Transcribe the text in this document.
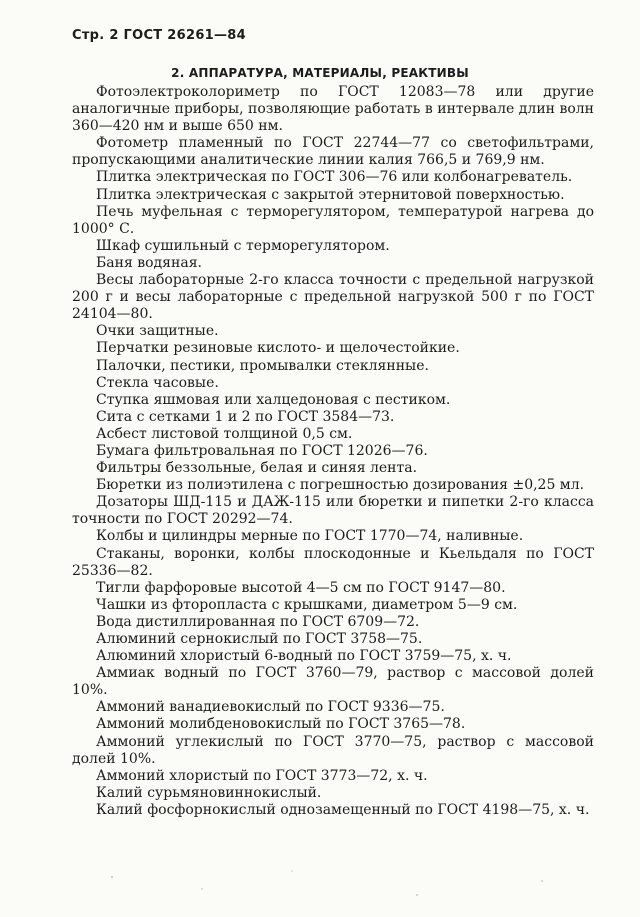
Стр. 2 ГОСТ 26261—84
2. АППАРАТУРА, МАТЕРИАЛЫ, РЕАКТИВЫ

Фотоэлектроколориметр по ГОСТ 12083—78 или другие аналогичные приборы, позволяющие работать в интервале длин волн 360—420 нм и выше 650 нм.

Фотометр пламенный по ГОСТ 22744—77 со светофильтрами, пропускающими аналитические линии калия 766,5 и 769,9 нм.

Плитка электрическая по ГОСТ 306—76 или колбонагреватель.

Плитка электрическая с закрытой этернитовой поверхностью.

Печь муфельная с терморегулятором, температурой нагрева до 1000° С.

Шкаф сушильный с терморегулятором.

Баня водяная.

Весы лабораторные 2-го класса точности с предельной нагрузкой 200 г и весы лабораторные с предельной нагрузкой 500 г по ГОСТ 24104—80.

Очки защитные.

Перчатки резиновые кислото- и щелочестойкие.

Палочки, пестики, промывалки стеклянные.

Стекла часовые.

Ступка яшмовая или халцедоновая с пестиком.

Сита с сетками 1 и 2 по ГОСТ 3584—73.

Асбест листовой толщиной 0,5 см.

Бумага фильтровальная по ГОСТ 12026—76.

Фильтры беззольные, белая и синяя лента.

Бюретки из полиэтилена с погрешностью дозирования ±0,25 мл.

Дозаторы ШД-115 и ДАЖ-115 или бюретки и пипетки 2-го класса точности по ГОСТ 20292—74.

Колбы и цилиндры мерные по ГОСТ 1770—74, наливные.

Стаканы, воронки, колбы плоскодонные и Кьельдаля по ГОСТ 25336—82.

Тигли фарфоровые высотой 4—5 см по ГОСТ 9147—80.

Чашки из фторопласта с крышками, диаметром 5—9 см.

Вода дистиллированная по ГОСТ 6709—72.

Алюминий сернокислый по ГОСТ 3758—75.

Алюминий хлористый 6-водный по ГОСТ 3759—75, х. ч.

Аммиак водный по ГОСТ 3760—79, раствор с массовой долей 10%.

Аммоний ванадиевокислый по ГОСТ 9336—75.

Аммоний молибденовокислый по ГОСТ 3765—78.

Аммоний углекислый по ГОСТ 3770—75, раствор с массовой долей 10%.

Аммоний хлористый по ГОСТ 3773—72, х. ч.

Калий сурьмяновиннокислый.

Калий фосфорнокислый однозамещенный по ГОСТ 4198—75, х. ч.
